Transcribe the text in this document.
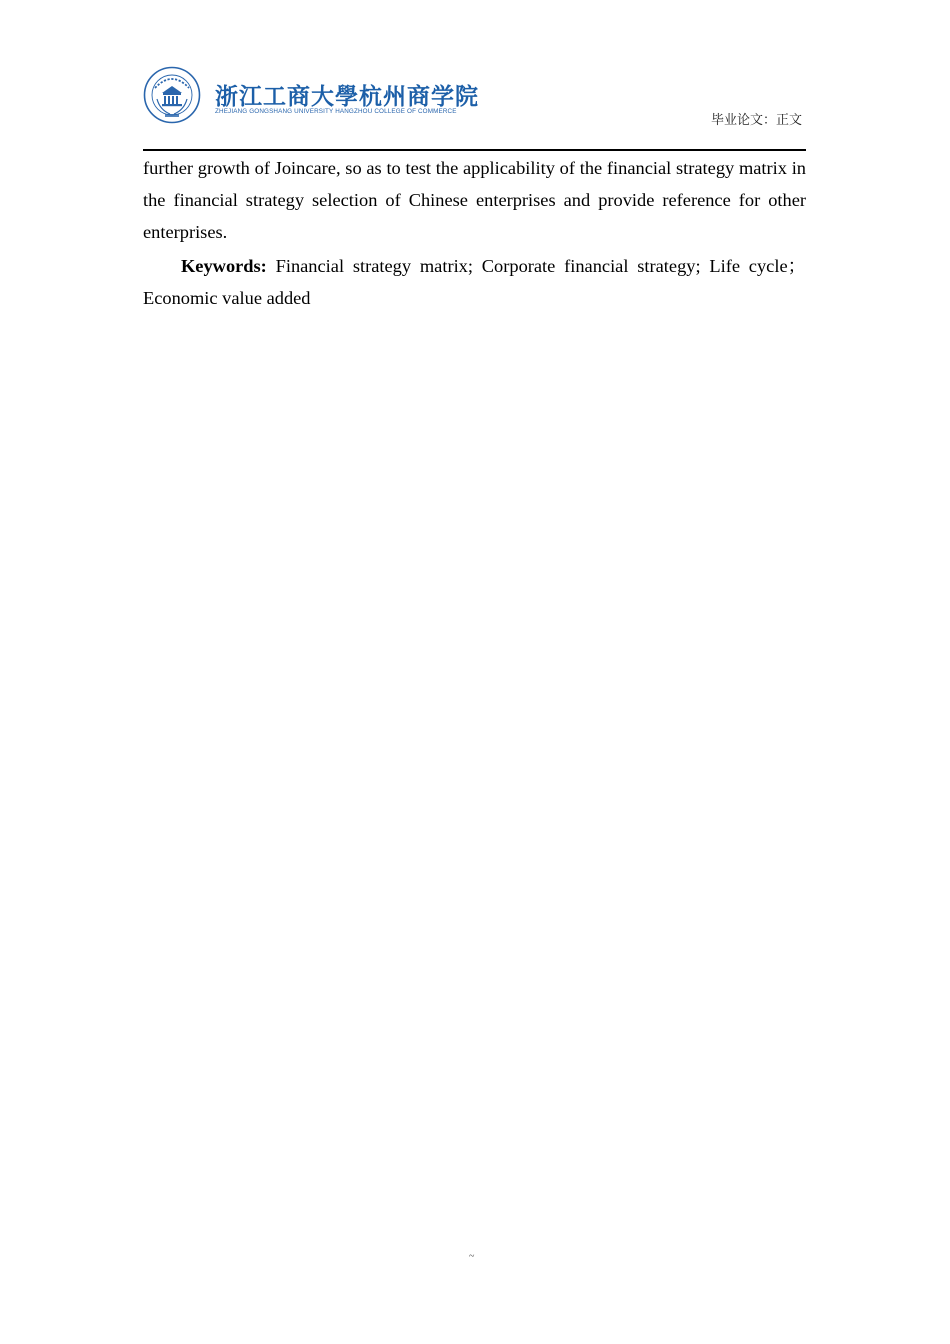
浙江工商大學杭州商学院
ZHEJIANG GONGSHANG UNIVERSITY HANGZHOU COLLEGE OF COMMERCE
毕业论文：正文

further growth of Joincare, so as to test the applicability of the financial strategy matrix in the financial strategy selection of Chinese enterprises and provide reference for other enterprises.

Keywords: Financial strategy matrix; Corporate financial strategy; Life cycle；Economic value added

~
